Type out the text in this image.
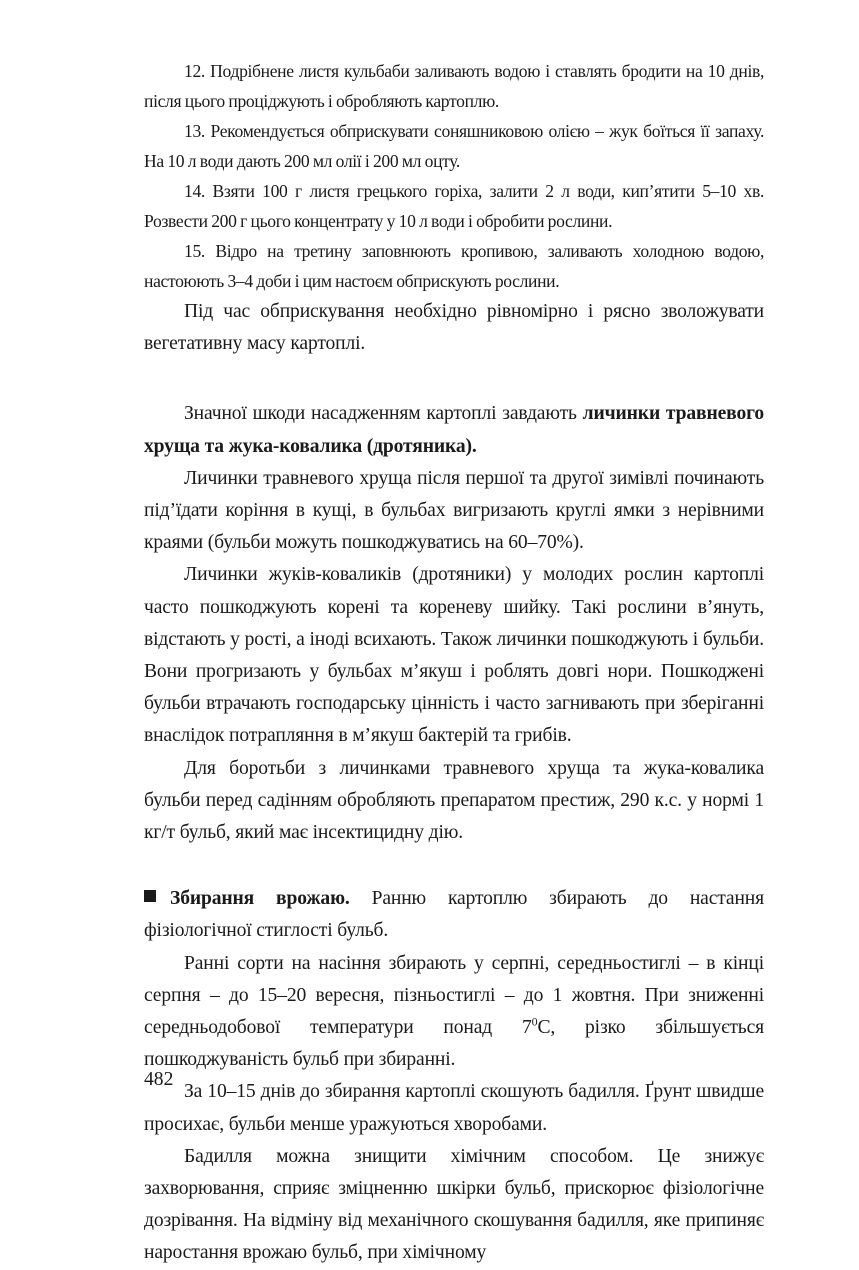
12. Подрібнене листя кульбаби заливають водою і ставлять бродити на 10 днів, після цього проціджують і обробляють картоплю.

13. Рекомендується обприскувати соняшниковою олією – жук боїться її запаху. На 10 л води дають 200 мл олії і 200 мл оцту.

14. Взяти 100 г листя грецького горіха, залити 2 л води, кип’ятити 5–10 хв. Розвести 200 г цього концентрату у 10 л води і обробити рослини.

15. Відро на третину заповнюють кропивою, заливають холодною водою, настоюють 3–4 доби і цим настоєм обприскують рослини.

Під час обприскування необхідно рівномірно і рясно зволожувати вегетативну масу картоплі.

Значної шкоди насадженням картоплі завдають личинки травневого хруща та жука-ковалика (дротяника).

Личинки травневого хруща після першої та другої зимівлі починають під’їдати коріння в кущі, в бульбах вигризають круглі ямки з нерівними краями (бульби можуть пошкоджуватись на 60–70%).

Личинки жуків-коваликів (дротяники) у молодих рослин картоплі часто пошкоджують корені та кореневу шийку. Такі рослини в’януть, відстають у рості, а іноді всихають. Також личинки пошкоджують і бульби. Вони прогризають у бульбах м’якуш і роблять довгі нори. Пошкоджені бульби втрачають господарську цінність і часто загнивають при зберіганні внаслідок потрапляння в м’якуш бактерій та грибів.

Для боротьби з личинками травневого хруща та жука-ковалика бульби перед садінням обробляють препаратом престиж, 290 к.с. у нормі 1 кг/т бульб, який має інсектицидну дію.

Збирання врожаю. Ранню картоплю збирають до настання фізіологічної стиглості бульб.

Ранні сорти на насіння збирають у серпні, середньостиглі – в кінці серпня – до 15–20 вересня, пізньостиглі – до 1 жовтня. При зниженні середньодобової температури понад $7^0С$, різко збільшується пошкоджуваність бульб при збиранні.

За 10–15 днів до збирання картоплі скошують бадилля. Ґрунт швидше просихає, бульби менше уражуються хворобами.

Бадилля можна знищити хімічним способом. Це знижує захворювання, сприяє зміцненню шкірки бульб, прискорює фізіологічне дозрівання. На відміну від механічного скошування бадилля, яке припиняє наростання врожаю бульб, при хімічному

482
